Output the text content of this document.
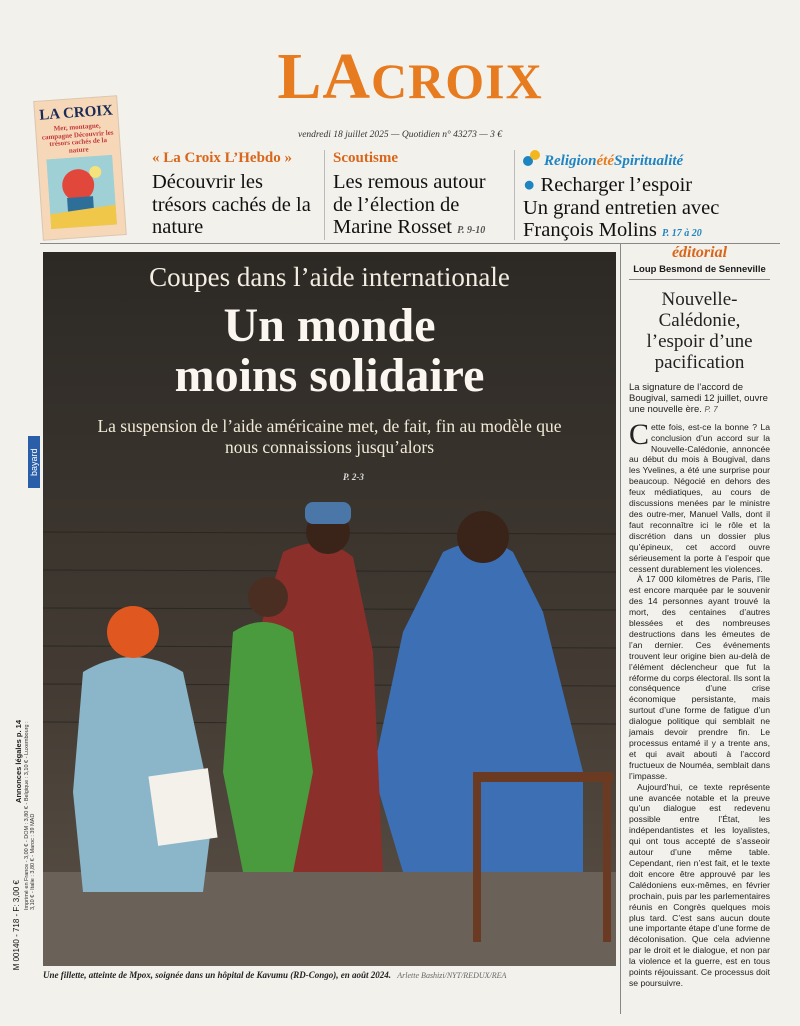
LACROIX
vendredi 18 juillet 2025 — Quotidien n° 43273 — 3 €
LA CROIX
Mer, montagne, campagne Découvrir les trésors cachés de la nature	« La Croix L’Hebdo »
Découvrir les trésors cachés de la nature
Scoutisme
Les remous autour de l’élection de Marine Rosset P. 9-10
ReligionétéSpiritualité
● Recharger l’espoir
Un grand entretien avec François Molins P. 17 à 20
bayard
Annonces légales p. 14 Imprimé en France - 3,00 € - DOM : 3,80 € - Belgique : 3,10 € - Luxembourg : 3,10 € - Italie : 3,80 € - Maroc : 39 MAD
M 00140 - 718 - F: 3,00 €
Coupes dans l’aide internationale
Un monde
moins solidaire
La suspension de l’aide américaine met, de fait, fin au modèle que nous connaissions jusqu’alors
P. 2-3
Une fillette, atteinte de Mpox, soignée dans un hôpital de Kavumu (RD-Congo), en août 2024. Arlette Bashizi/NYT/REDUX/REA
éditorial
Loup Besmond de Senneville
Nouvelle-Calédonie, l’espoir d’une pacification
La signature de l’accord de Bougival, samedi 12 juillet, ouvre une nouvelle ère. P. 7

Cette fois, est-ce la bonne ? La conclusion d’un accord sur la Nouvelle-Calédonie, annoncée au début du mois à Bougival, dans les Yvelines, a été une surprise pour beaucoup. Négocié en dehors des feux médiatiques, au cours de discussions menées par le ministre des outre-mer, Manuel Valls, dont il faut reconnaître ici le rôle et la discrétion dans un dossier plus qu’épineux, cet accord ouvre sérieusement la porte à l’espoir que cessent durablement les violences.

À 17 000 kilomètres de Paris, l’île est encore marquée par le souvenir des 14 personnes ayant trouvé la mort, des centaines d’autres blessées et des nombreuses destructions dans les émeutes de l’an dernier. Ces événements trouvent leur origine bien au-delà de l’élément déclencheur que fut la réforme du corps électoral. Ils sont la conséquence d’une crise économique persistante, mais surtout d’une forme de fatigue d’un dialogue politique qui semblait ne jamais devoir prendre fin. Le processus entamé il y a trente ans, et qui avait abouti à l’accord fructueux de Nouméa, semblait dans l’impasse.

Aujourd’hui, ce texte représente une avancée notable et la preuve qu’un dialogue est redevenu possible entre l’État, les indépendantistes et les loyalistes, qui ont tous accepté de s’asseoir autour d’une même table. Cependant, rien n’est fait, et le texte doit encore être approuvé par les Calédoniens eux-mêmes, en février prochain, puis par les parlementaires réunis en Congrès quelques mois plus tard. C’est sans aucun doute une importante étape d’une forme de décolonisation. Que cela advienne par le droit et le dialogue, et non par la violence et la guerre, est en tous points réjouissant. Ce processus doit se poursuivre.
